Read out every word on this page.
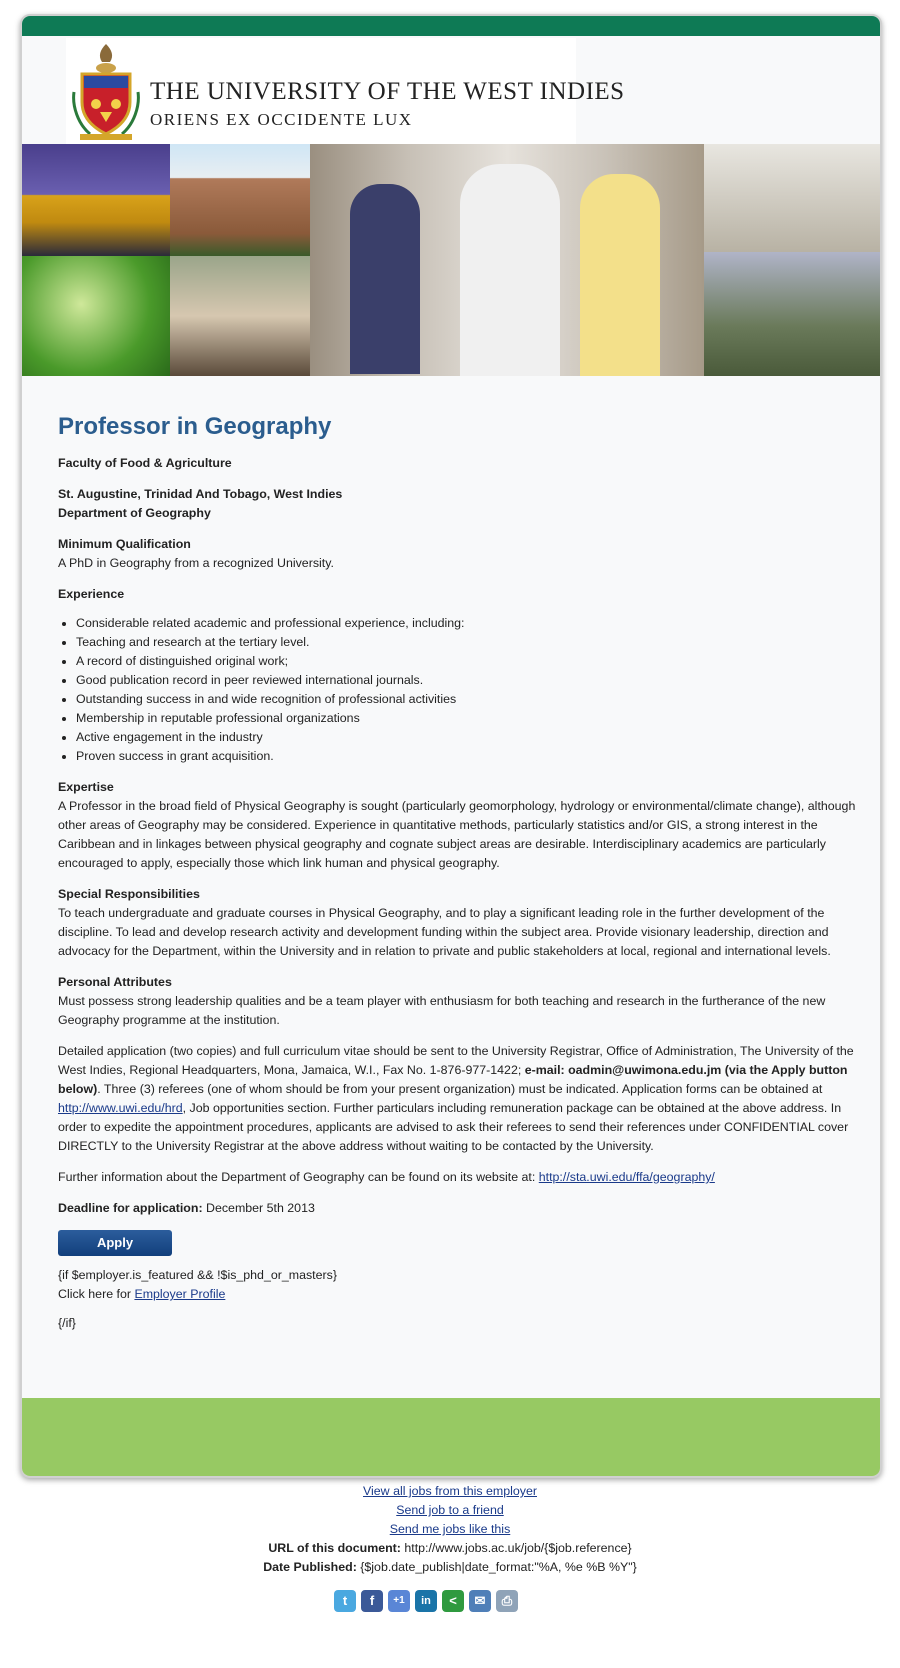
THE UNIVERSITY OF THE WEST INDIES
ORIENS EX OCCIDENTE LUX
Professor in Geography

Faculty of Food & Agriculture

St. Augustine, Trinidad And Tobago, West Indies
Department of Geography

Minimum Qualification
A PhD in Geography from a recognized University.

Experience

• Considerable related academic and professional experience, including:
• Teaching and research at the tertiary level.
• A record of distinguished original work;
• Good publication record in peer reviewed international journals.
• Outstanding success in and wide recognition of professional activities
• Membership in reputable professional organizations
• Active engagement in the industry
• Proven success in grant acquisition.

Expertise
A Professor in the broad field of Physical Geography is sought (particularly geomorphology, hydrology or environmental/climate change), although other areas of Geography may be considered. Experience in quantitative methods, particularly statistics and/or GIS, a strong interest in the Caribbean and in linkages between physical geography and cognate subject areas are desirable. Interdisciplinary academics are particularly encouraged to apply, especially those which link human and physical geography.

Special Responsibilities
To teach undergraduate and graduate courses in Physical Geography, and to play a significant leading role in the further development of the discipline. To lead and develop research activity and development funding within the subject area. Provide visionary leadership, direction and advocacy for the Department, within the University and in relation to private and public stakeholders at local, regional and international levels.

Personal Attributes
Must possess strong leadership qualities and be a team player with enthusiasm for both teaching and research in the furtherance of the new Geography programme at the institution.

Detailed application (two copies) and full curriculum vitae should be sent to the University Registrar, Office of Administration, The University of the West Indies, Regional Headquarters, Mona, Jamaica, W.I., Fax No. 1-876-977-1422; e-mail: oadmin@uwimona.edu.jm (via the Apply button below). Three (3) referees (one of whom should be from your present organization) must be indicated. Application forms can be obtained at http://www.uwi.edu/hrd, Job opportunities section. Further particulars including remuneration package can be obtained at the above address. In order to expedite the appointment procedures, applicants are advised to ask their referees to send their references under CONFIDENTIAL cover DIRECTLY to the University Registrar at the above address without waiting to be contacted by the University.

Further information about the Department of Geography can be found on its website at: http://sta.uwi.edu/ffa/geography/

Deadline for application: December 5th 2013

Apply

{if $employer.is_featured && !$is_phd_or_masters}
Click here for Employer Profile

{/if}

View all jobs from this employer
Send job to a friend
Send me jobs like this
URL of this document: http://www.jobs.ac.uk/job/{$job.reference}
Date Published: {$job.date_publish|date_format:"%A, %e %B %Y"}
t f +1 in < ✉ ⎙
